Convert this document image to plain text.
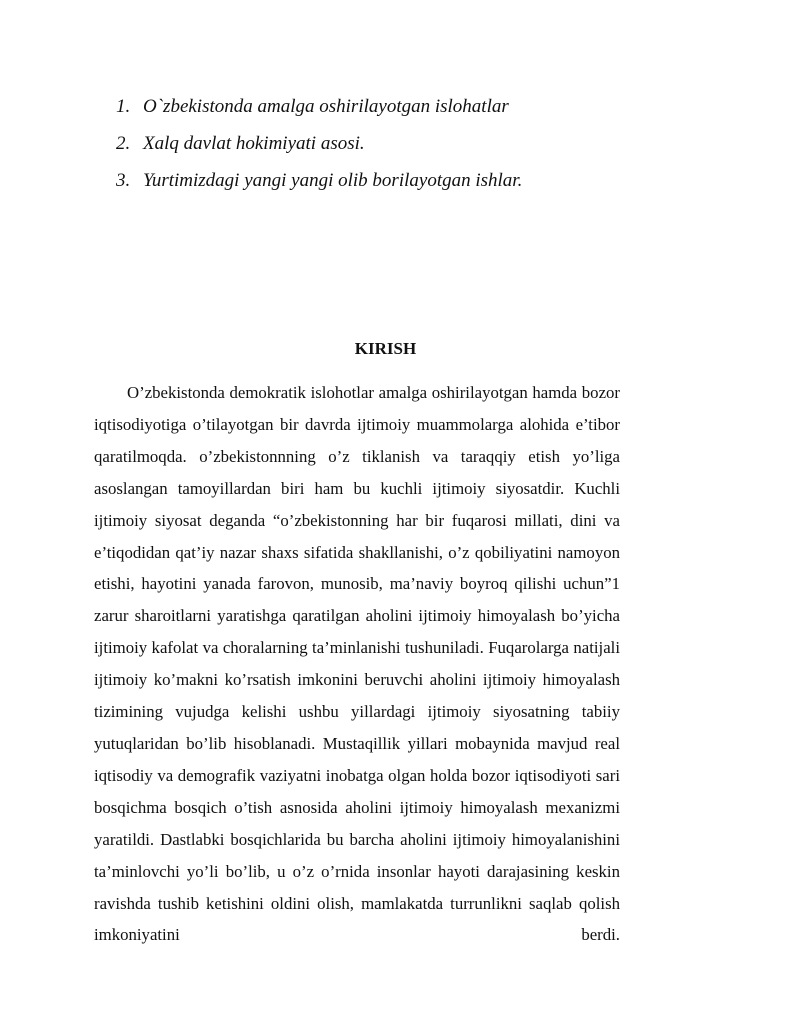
1. O`zbekistonda amalga oshirilayotgan islohatlar
2. Xalq davlat hokimiyati asosi.
3. Yurtimizdagi yangi yangi olib borilayotgan ishlar.
KIRISH

O’zbekistonda demokratik islohotlar amalga oshirilayotgan hamda bozor iqtisodiyotiga o’tilayotgan bir davrda ijtimoiy muammolarga alohida e’tibor qaratilmoqda. o’zbekistonnning o’z tiklanish va taraqqiy etish yo’liga asoslangan tamoyillardan biri ham bu kuchli ijtimoiy siyosatdir. Kuchli ijtimoiy siyosat deganda “o’zbekistonning har bir fuqarosi millati, dini va e’tiqodidan qat’iy nazar shaxs sifatida shakllanishi, o’z qobiliyatini namoyon etishi, hayotini yanada farovon, munosib, ma’naviy boyroq qilishi uchun”1 zarur sharoitlarni yaratishga qaratilgan aholini ijtimoiy himoyalash bo’yicha ijtimoiy kafolat va choralarning ta’minlanishi tushuniladi. Fuqarolarga natijali ijtimoiy ko’makni ko’rsatish imkonini beruvchi aholini ijtimoiy himoyalash tizimining vujudga kelishi ushbu yillardagi ijtimoiy siyosatning tabiiy yutuqlaridan bo’lib hisoblanadi. Mustaqillik yillari mobaynida mavjud real iqtisodiy va demografik vaziyatni inobatga olgan holda bozor iqtisodiyoti sari bosqichma bosqich o’tish asnosida aholini ijtimoiy himoyalash mexanizmi yaratildi. Dastlabki bosqichlarida bu barcha aholini ijtimoiy himoyalanishini ta’minlovchi yo’li bo’lib, u o’z o’rnida insonlar hayoti darajasining keskin ravishda tushib ketishini oldini olish, mamlakatda turrunlikni saqlab qolish imkoniyatini berdi.
